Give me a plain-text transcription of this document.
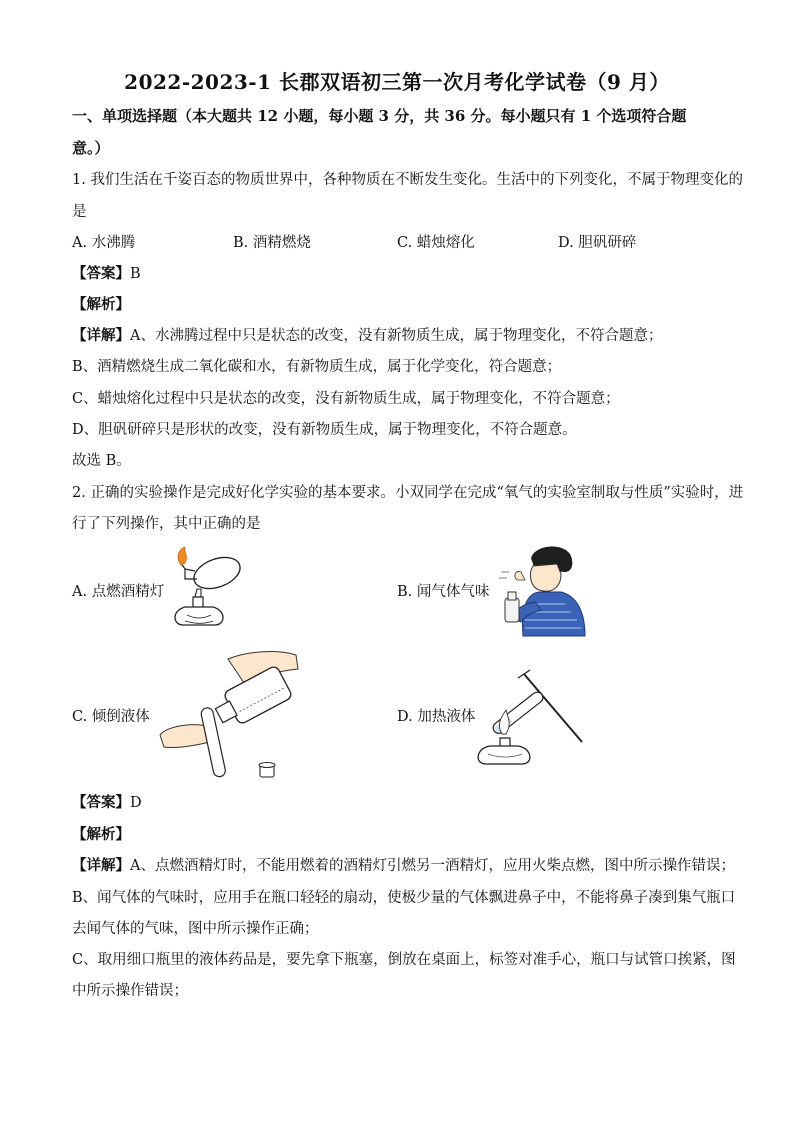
2022-2023-1 长郡双语初三第一次月考化学试卷（9 月）
一、单项选择题（本大题共 12 小题，每小题 3 分，共 36 分。每小题只有 1 个选项符合题
意。）
1. 我们生活在千姿百态的物质世界中，各种物质在不断发生变化。生活中的下列变化，不属于物理变化的
是
A. 水沸腾	B. 酒精燃烧	C. 蜡烛熔化	D. 胆矾研碎
【答案】B
【解析】
【详解】A、水沸腾过程中只是状态的改变，没有新物质生成，属于物理变化，不符合题意；
B、酒精燃烧生成二氧化碳和水，有新物质生成，属于化学变化，符合题意；
C、蜡烛熔化过程中只是状态的改变，没有新物质生成，属于物理变化，不符合题意；
D、胆矾研碎只是形状的改变，没有新物质生成，属于物理变化，不符合题意。
故选 B。
2. 正确的实验操作是完成好化学实验的基本要求。小双同学在完成“氧气的实验室制取与性质”实验时，进
行了下列操作，其中正确的是
A. 点燃酒精灯	B. 闻气体气味
C. 倾倒液体	D. 加热液体
【答案】D
【解析】
【详解】A、点燃酒精灯时，不能用燃着的酒精灯引燃另一酒精灯，应用火柴点燃，图中所示操作错误；
B、闻气体的气味时，应用手在瓶口轻轻的扇动，使极少量的气体飘进鼻子中，不能将鼻子凑到集气瓶口
去闻气体的气味，图中所示操作正确；
C、取用细口瓶里的液体药品是，要先拿下瓶塞，倒放在桌面上，标签对准手心，瓶口与试管口挨紧，图
中所示操作错误；
